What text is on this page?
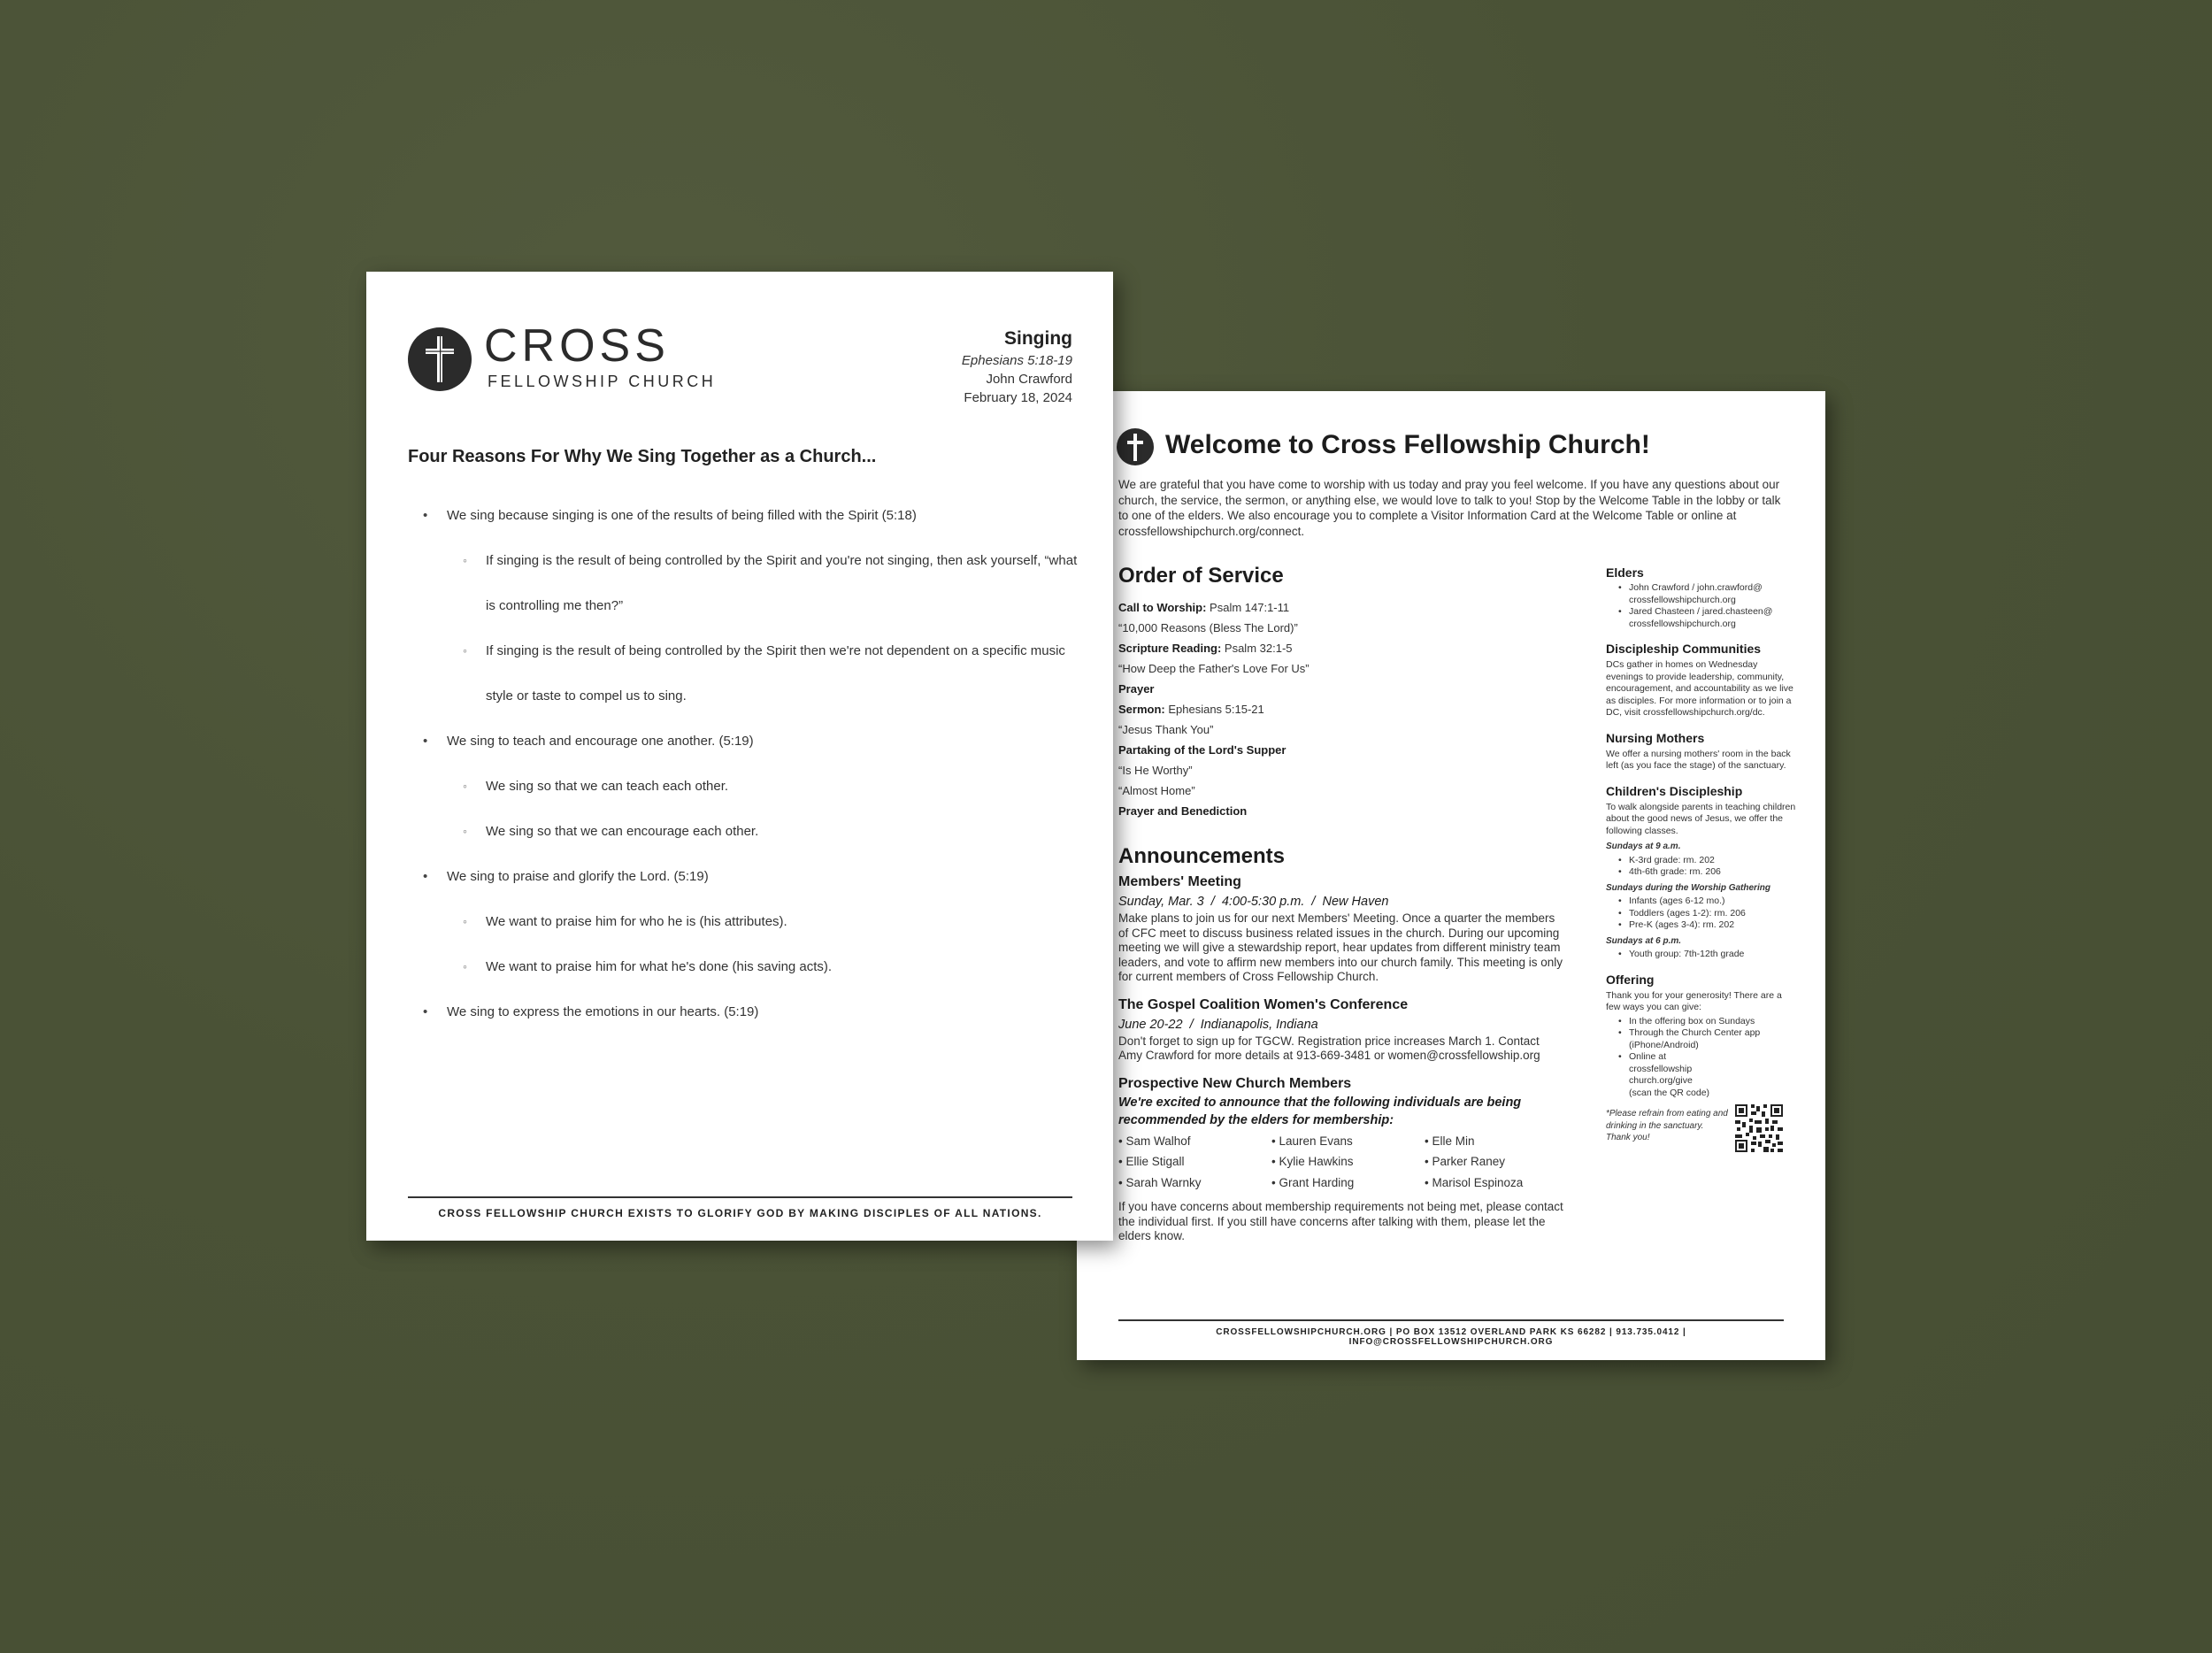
CROSS
FELLOWSHIP CHURCH
Singing
Ephesians 5:18-19
John Crawford
February 18, 2024
Four Reasons For Why We Sing Together as a Church...
• We sing because singing is one of the results of being filled with the Spirit (5:18)
◦ If singing is the result of being controlled by the Spirit and you're not singing, then ask yourself, “what is controlling me then?”
◦ If singing is the result of being controlled by the Spirit then we're not dependent on a specific music style or taste to compel us to sing.
• We sing to teach and encourage one another. (5:19)
◦ We sing so that we can teach each other.
◦ We sing so that we can encourage each other.
• We sing to praise and glorify the Lord. (5:19)
◦ We want to praise him for who he is (his attributes).
◦ We want to praise him for what he's done (his saving acts).
• We sing to express the emotions in our hearts. (5:19)
CROSS FELLOWSHIP CHURCH EXISTS TO GLORIFY GOD BY MAKING DISCIPLES OF ALL NATIONS.
Welcome to Cross Fellowship Church!
We are grateful that you have come to worship with us today and pray you feel welcome. If you have any questions about our church, the service, the sermon, or anything else, we would love to talk to you! Stop by the Welcome Table in the lobby or talk to one of the elders. We also encourage you to complete a Visitor Information Card at the Welcome Table or online at crossfellowshipchurch.org/connect.
Order of Service
Call to Worship: Psalm 147:1-11
“10,000 Reasons (Bless The Lord)”
Scripture Reading: Psalm 32:1-5
“How Deep the Father's Love For Us”
Prayer
Sermon: Ephesians 5:15-21
“Jesus Thank You”
Partaking of the Lord's Supper
“Is He Worthy”
“Almost Home”
Prayer and Benediction
Announcements
Members' Meeting
Sunday, Mar. 3  /  4:00-5:30 p.m.  /  New Haven
Make plans to join us for our next Members' Meeting. Once a quarter the members of CFC meet to discuss business related issues in the church. During our upcoming meeting we will give a stewardship report, hear updates from different ministry team leaders, and vote to affirm new members into our church family. This meeting is only for current members of Cross Fellowship Church.
The Gospel Coalition Women's Conference
June 20-22  /  Indianapolis, Indiana
Don't forget to sign up for TGCW. Registration price increases March 1. Contact Amy Crawford for more details at 913-669-3481 or women@crossfellowship.org
Prospective New Church Members
We're excited to announce that the following individuals are being recommended by the elders for membership:
• Sam Walhof	• Lauren Evans	• Elle Min
• Ellie Stigall	• Kylie Hawkins	• Parker Raney
• Sarah Warnky	• Grant Harding	• Marisol Espinoza
If you have concerns about membership requirements not being met, please contact the individual first. If you still have concerns after talking with them, please let the elders know.
Elders
• John Crawford / john.crawford@ crossfellowshipchurch.org
• Jared Chasteen / jared.chasteen@ crossfellowshipchurch.org
Discipleship Communities
DCs gather in homes on Wednesday evenings to provide leadership, community, encouragement, and accountability as we live as disciples. For more information or to join a DC, visit crossfellowshipchurch.org/dc.
Nursing Mothers
We offer a nursing mothers' room in the back left (as you face the stage) of the sanctuary.
Children's Discipleship
To walk alongside parents in teaching children about the good news of Jesus, we offer the following classes.
Sundays at 9 a.m.
• K-3rd grade: rm. 202
• 4th-6th grade: rm. 206
Sundays during the Worship Gathering
• Infants (ages 6-12 mo.)
• Toddlers (ages 1-2): rm. 206
• Pre-K (ages 3-4): rm. 202
Sundays at 6 p.m.
• Youth group: 7th-12th grade
Offering
Thank you for your generosity! There are a few ways you can give:
• In the offering box on Sundays
• Through the Church Center app (iPhone/Android)
• Online at crossfellowship church.org/give (scan the QR code)
*Please refrain from eating and drinking in the sanctuary. Thank you!
CROSSFELLOWSHIPCHURCH.ORG | PO BOX 13512 OVERLAND PARK KS 66282 | 913.735.0412 | INFO@CROSSFELLOWSHIPCHURCH.ORG
